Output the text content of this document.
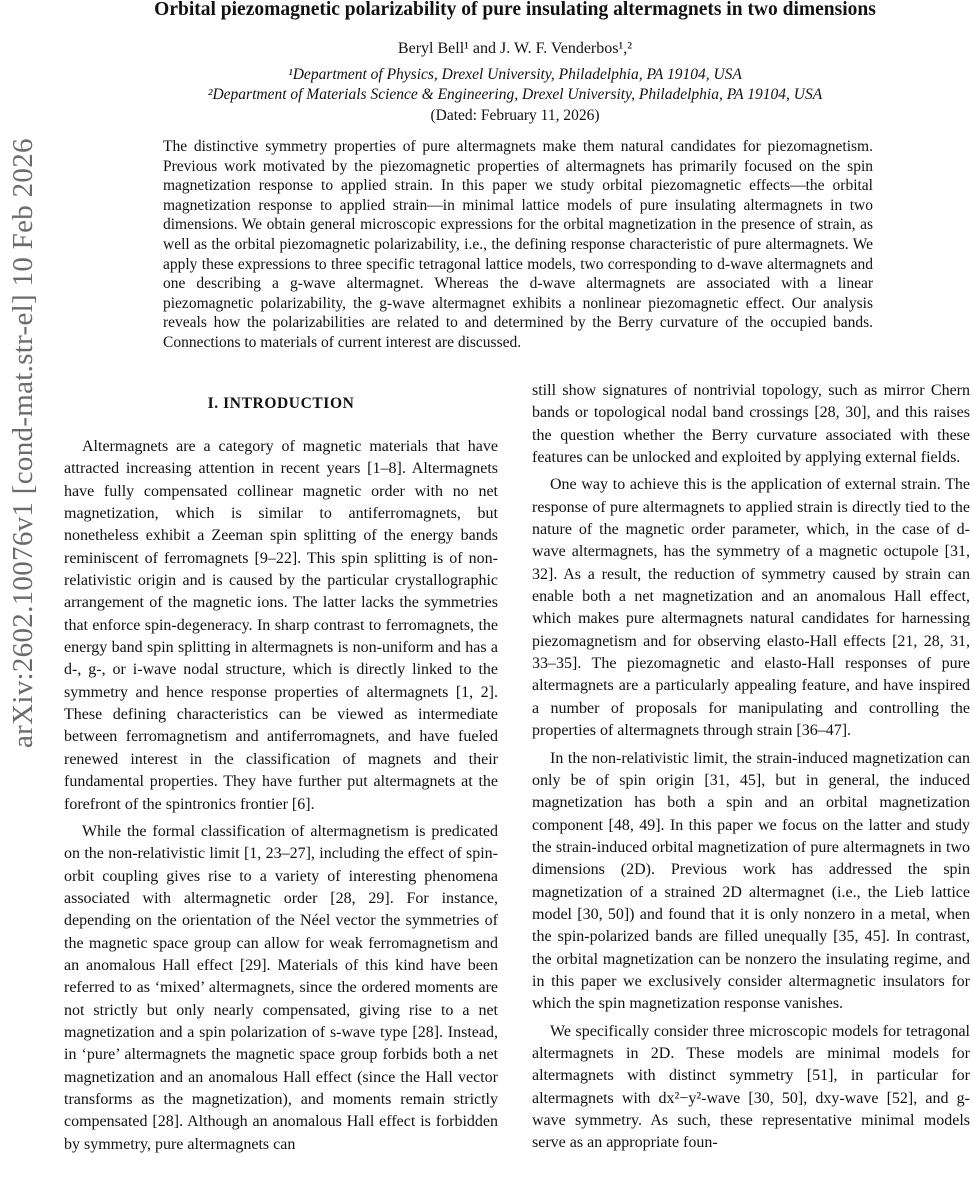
arXiv:2602.10076v1 [cond-mat.str-el] 10 Feb 2026
Orbital piezomagnetic polarizability of pure insulating altermagnets in two dimensions
Beryl Bell¹ and J. W. F. Venderbos¹,²
¹Department of Physics, Drexel University, Philadelphia, PA 19104, USA
²Department of Materials Science & Engineering, Drexel University, Philadelphia, PA 19104, USA
(Dated: February 11, 2026)
The distinctive symmetry properties of pure altermagnets make them natural candidates for piezomagnetism. Previous work motivated by the piezomagnetic properties of altermagnets has primarily focused on the spin magnetization response to applied strain. In this paper we study orbital piezomagnetic effects—the orbital magnetization response to applied strain—in minimal lattice models of pure insulating altermagnets in two dimensions. We obtain general microscopic expressions for the orbital magnetization in the presence of strain, as well as the orbital piezomagnetic polarizability, i.e., the defining response characteristic of pure altermagnets. We apply these expressions to three specific tetragonal lattice models, two corresponding to d-wave altermagnets and one describing a g-wave altermagnet. Whereas the d-wave altermagnets are associated with a linear piezomagnetic polarizability, the g-wave altermagnet exhibits a nonlinear piezomagnetic effect. Our analysis reveals how the polarizabilities are related to and determined by the Berry curvature of the occupied bands. Connections to materials of current interest are discussed.
I. INTRODUCTION

Altermagnets are a category of magnetic materials that have attracted increasing attention in recent years [1–8]. Altermagnets have fully compensated collinear magnetic order with no net magnetization, which is similar to antiferromagnets, but nonetheless exhibit a Zeeman spin splitting of the energy bands reminiscent of ferromagnets [9–22]. This spin splitting is of non-relativistic origin and is caused by the particular crystallographic arrangement of the magnetic ions. The latter lacks the symmetries that enforce spin-degeneracy. In sharp contrast to ferromagnets, the energy band spin splitting in altermagnets is non-uniform and has a d-, g-, or i-wave nodal structure, which is directly linked to the symmetry and hence response properties of altermagnets [1, 2]. These defining characteristics can be viewed as intermediate between ferromagnetism and antiferromagnets, and have fueled renewed interest in the classification of magnets and their fundamental properties. They have further put altermagnets at the forefront of the spintronics frontier [6].

While the formal classification of altermagnetism is predicated on the non-relativistic limit [1, 23–27], including the effect of spin-orbit coupling gives rise to a variety of interesting phenomena associated with altermagnetic order [28, 29]. For instance, depending on the orientation of the Néel vector the symmetries of the magnetic space group can allow for weak ferromagnetism and an anomalous Hall effect [29]. Materials of this kind have been referred to as ‘mixed’ altermagnets, since the ordered moments are not strictly but only nearly compensated, giving rise to a net magnetization and a spin polarization of s-wave type [28]. Instead, in ‘pure’ altermagnets the magnetic space group forbids both a net magnetization and an anomalous Hall effect (since the Hall vector transforms as the magnetization), and moments remain strictly compensated [28]. Although an anomalous Hall effect is forbidden by symmetry, pure altermagnets can

still show signatures of nontrivial topology, such as mirror Chern bands or topological nodal band crossings [28, 30], and this raises the question whether the Berry curvature associated with these features can be unlocked and exploited by applying external fields.

One way to achieve this is the application of external strain. The response of pure altermagnets to applied strain is directly tied to the nature of the magnetic order parameter, which, in the case of d-wave altermagnets, has the symmetry of a magnetic octupole [31, 32]. As a result, the reduction of symmetry caused by strain can enable both a net magnetization and an anomalous Hall effect, which makes pure altermagnets natural candidates for harnessing piezomagnetism and for observing elasto-Hall effects [21, 28, 31, 33–35]. The piezomagnetic and elasto-Hall responses of pure altermagnets are a particularly appealing feature, and have inspired a number of proposals for manipulating and controlling the properties of altermagnets through strain [36–47].

In the non-relativistic limit, the strain-induced magnetization can only be of spin origin [31, 45], but in general, the induced magnetization has both a spin and an orbital magnetization component [48, 49]. In this paper we focus on the latter and study the strain-induced orbital magnetization of pure altermagnets in two dimensions (2D). Previous work has addressed the spin magnetization of a strained 2D altermagnet (i.e., the Lieb lattice model [30, 50]) and found that it is only nonzero in a metal, when the spin-polarized bands are filled unequally [35, 45]. In contrast, the orbital magnetization can be nonzero the insulating regime, and in this paper we exclusively consider altermagnetic insulators for which the spin magnetization response vanishes.

We specifically consider three microscopic models for tetragonal altermagnets in 2D. These models are minimal models for altermagnets with distinct symmetry [51], in particular for altermagnets with dx²−y²-wave [30, 50], dxy-wave [52], and g-wave symmetry. As such, these representative minimal models serve as an appropriate foun-
